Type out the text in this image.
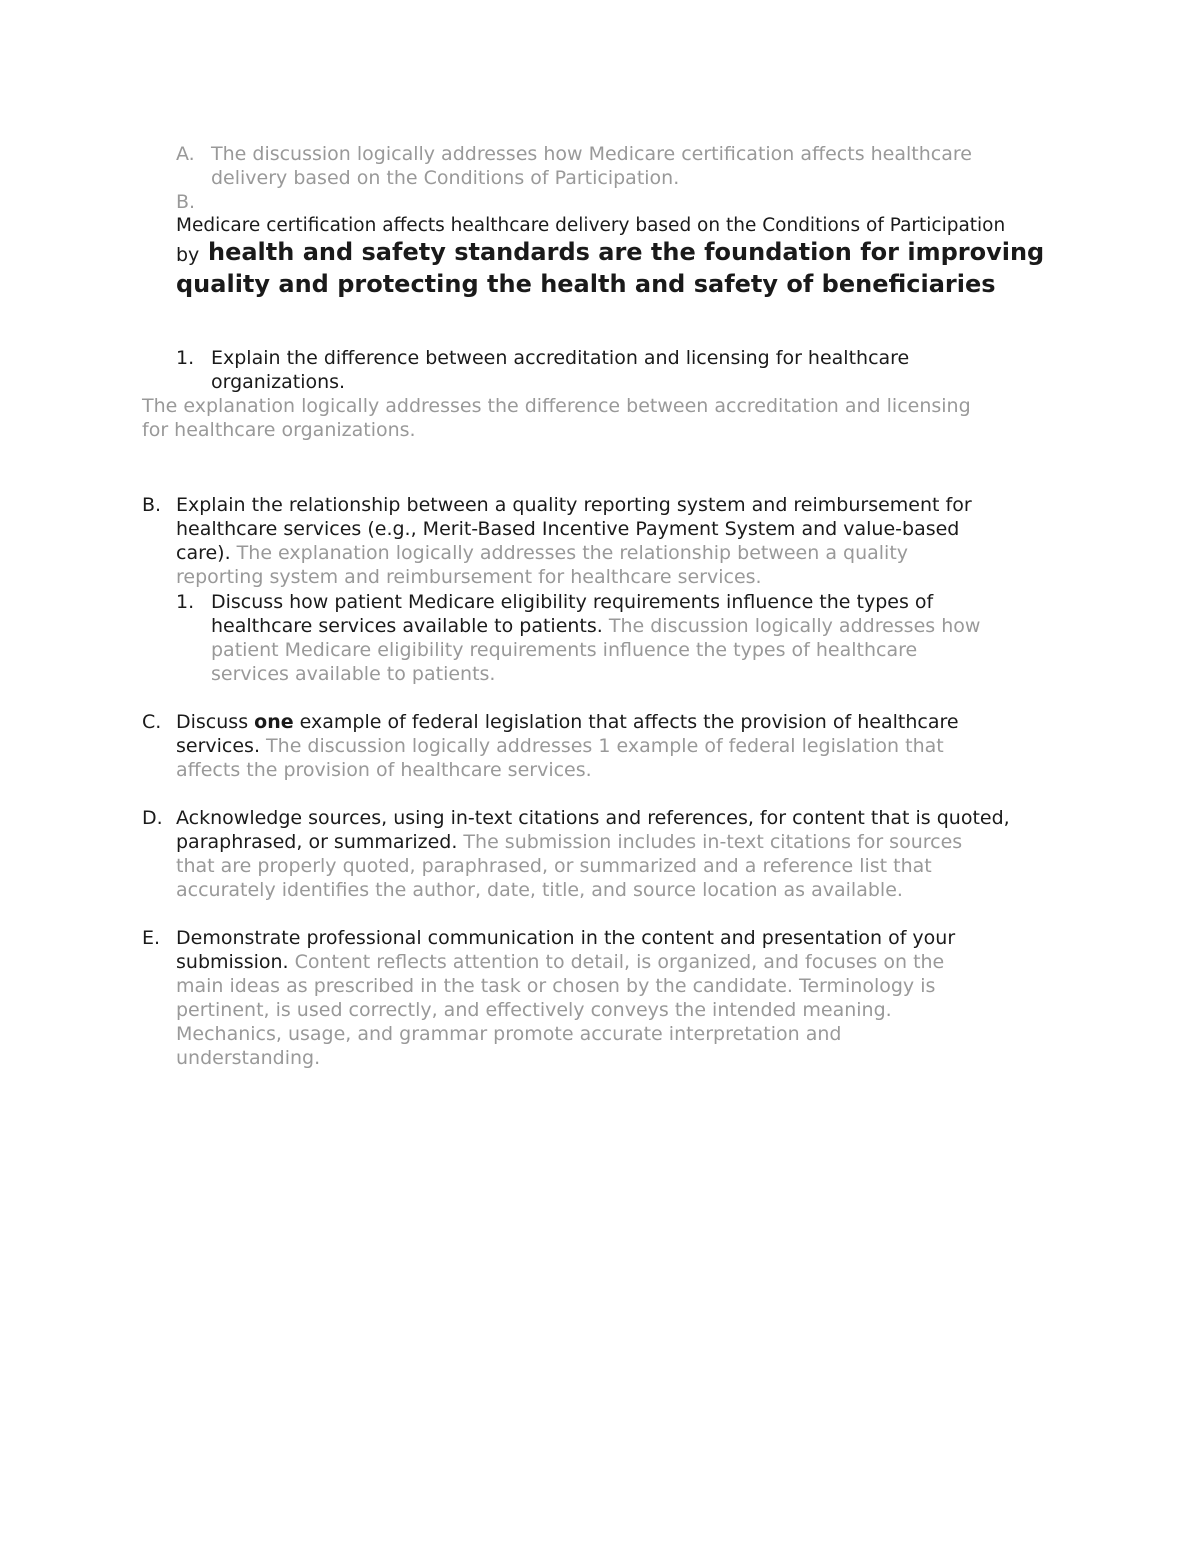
A. The discussion logically addresses how Medicare certification affects healthcare
delivery based on the Conditions of Participation.
B.
Medicare certification affects healthcare delivery based on the Conditions of Participation
by health and safety standards are the foundation for improving
quality and protecting the health and safety of beneficiaries
1. Explain the difference between accreditation and licensing for healthcare
organizations.
The explanation logically addresses the difference between accreditation and licensing
for healthcare organizations.
B. Explain the relationship between a quality reporting system and reimbursement for
healthcare services (e.g., Merit-Based Incentive Payment System and value-based
care). The explanation logically addresses the relationship between a quality
reporting system and reimbursement for healthcare services.
1. Discuss how patient Medicare eligibility requirements influence the types of
healthcare services available to patients. The discussion logically addresses how
patient Medicare eligibility requirements influence the types of healthcare
services available to patients.
C. Discuss one example of federal legislation that affects the provision of healthcare
services. The discussion logically addresses 1 example of federal legislation that
affects the provision of healthcare services.
D. Acknowledge sources, using in-text citations and references, for content that is quoted,
paraphrased, or summarized. The submission includes in-text citations for sources
that are properly quoted, paraphrased, or summarized and a reference list that
accurately identifies the author, date, title, and source location as available.
E. Demonstrate professional communication in the content and presentation of your
submission. Content reflects attention to detail, is organized, and focuses on the
main ideas as prescribed in the task or chosen by the candidate. Terminology is
pertinent, is used correctly, and effectively conveys the intended meaning.
Mechanics, usage, and grammar promote accurate interpretation and
understanding.
